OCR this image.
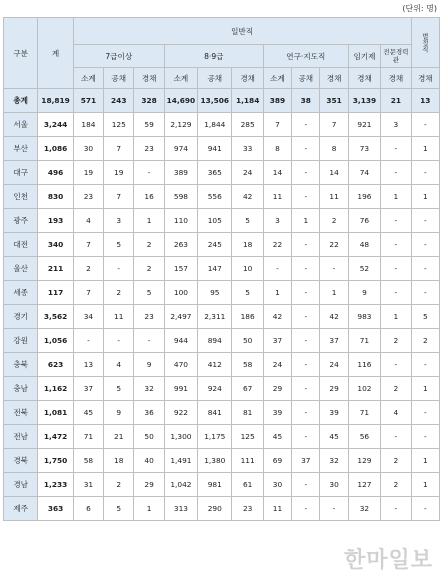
(단위: 명)
구분	계	일반직											별정직
		7급이상			8·9급			연구·지도직			임기제	전문경력관	
		소계	공채	경채	소계	공채	경채	소계	공채	경채	경채	경채	경채
총계	18,819	571	243	328	14,690	13,506	1,184	389	38	351	3,139	21	13
서울	3,244	184	125	59	2,129	1,844	285	7	-	7	921	3	-
부산	1,086	30	7	23	974	941	33	8	-	8	73	-	1
대구	496	19	19	-	389	365	24	14	-	14	74	-	-
인천	830	23	7	16	598	556	42	11	-	11	196	1	1
광주	193	4	3	1	110	105	5	3	1	2	76	-	-
대전	340	7	5	2	263	245	18	22	-	22	48	-	-
울산	211	2	-	2	157	147	10	-	-	-	52	-	-
세종	117	7	2	5	100	95	5	1	-	1	9	-	-
경기	3,562	34	11	23	2,497	2,311	186	42	-	42	983	1	5
강원	1,056	-	-	-	944	894	50	37	-	37	71	2	2
충북	623	13	4	9	470	412	58	24	-	24	116	-	-
충남	1,162	37	5	32	991	924	67	29	-	29	102	2	1
전북	1,081	45	9	36	922	841	81	39	-	39	71	4	-
전남	1,472	71	21	50	1,300	1,175	125	45	-	45	56	-	-
경북	1,750	58	18	40	1,491	1,380	111	69	37	32	129	2	1
경남	1,233	31	2	29	1,042	981	61	30	-	30	127	2	1
제주	363	6	5	1	313	290	23	11	-	-	32	-	-
한마일보
